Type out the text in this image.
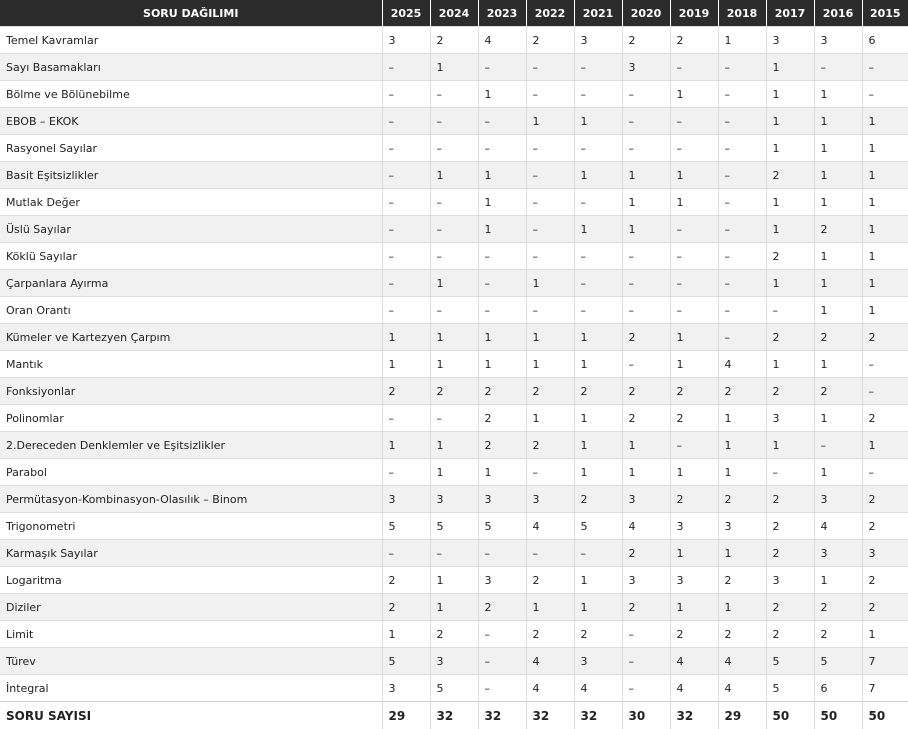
SORU DAĞILIMI	2025	2024	2023	2022	2021	2020	2019	2018	2017	2016	2015
Temel Kavramlar	3	2	4	2	3	2	2	1	3	3	6
Sayı Basamakları	–	1	–	–	–	3	–	–	1	–	–
Bölme ve Bölünebilme	–	–	1	–	–	–	1	–	1	1	–
EBOB – EKOK	–	–	–	1	1	–	–	–	1	1	1
Rasyonel Sayılar	–	–	–	–	–	–	–	–	1	1	1
Basit Eşitsizlikler	–	1	1	–	1	1	1	–	2	1	1
Mutlak Değer	–	–	1	–	–	1	1	–	1	1	1
Üslü Sayılar	–	–	1	–	1	1	–	–	1	2	1
Köklü Sayılar	–	–	–	–	–	–	–	–	2	1	1
Çarpanlara Ayırma	–	1	–	1	–	–	–	–	1	1	1
Oran Orantı	–	–	–	–	–	–	–	–	–	1	1
Kümeler ve Kartezyen Çarpım	1	1	1	1	1	2	1	–	2	2	2
Mantık	1	1	1	1	1	–	1	4	1	1	–
Fonksiyonlar	2	2	2	2	2	2	2	2	2	2	–
Polinomlar	–	–	2	1	1	2	2	1	3	1	2
2.Dereceden Denklemler ve Eşitsizlikler	1	1	2	2	1	1	–	1	1	–	1
Parabol	–	1	1	–	1	1	1	1	–	1	–
Permütasyon-Kombinasyon-Olasılık – Binom	3	3	3	3	2	3	2	2	2	3	2
Trigonometri	5	5	5	4	5	4	3	3	2	4	2
Karmaşık Sayılar	–	–	–	–	–	2	1	1	2	3	3
Logaritma	2	1	3	2	1	3	3	2	3	1	2
Diziler	2	1	2	1	1	2	1	1	2	2	2
Limit	1	2	–	2	2	–	2	2	2	2	1
Türev	5	3	–	4	3	–	4	4	5	5	7
İntegral	3	5	–	4	4	–	4	4	5	6	7
SORU SAYISI	29	32	32	32	32	30	32	29	50	50	50
